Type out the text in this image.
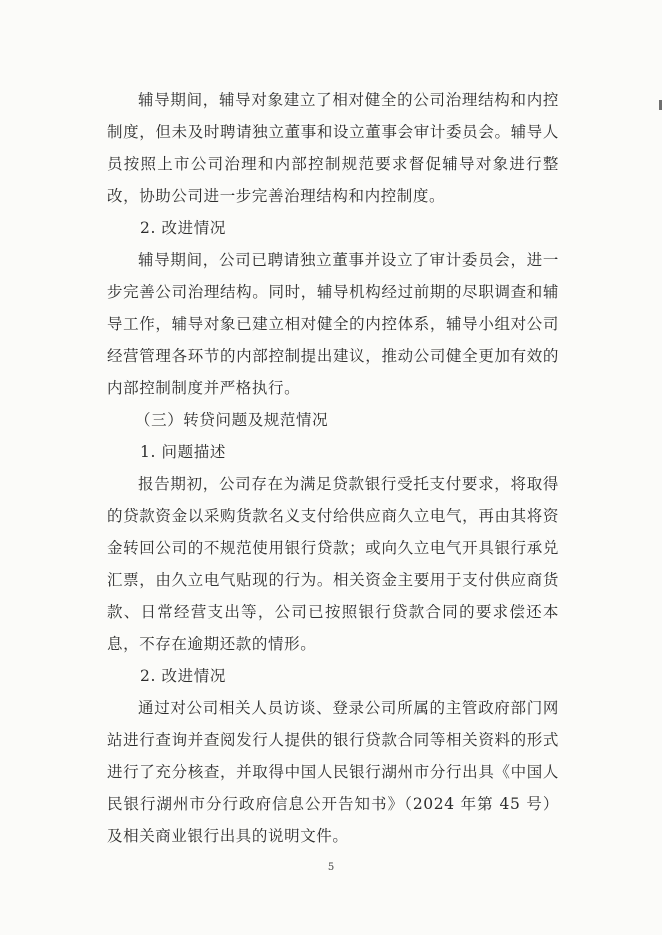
辅导期间，辅导对象建立了相对健全的公司治理结构和内控制度，但未及时聘请独立董事和设立董事会审计委员会。辅导人员按照上市公司治理和内部控制规范要求督促辅导对象进行整改，协助公司进一步完善治理结构和内控制度。

2. 改进情况

辅导期间，公司已聘请独立董事并设立了审计委员会，进一步完善公司治理结构。同时，辅导机构经过前期的尽职调查和辅导工作，辅导对象已建立相对健全的内控体系，辅导小组对公司经营管理各环节的内部控制提出建议，推动公司健全更加有效的内部控制制度并严格执行。

（三）转贷问题及规范情况

1. 问题描述

报告期初，公司存在为满足贷款银行受托支付要求，将取得的贷款资金以采购货款名义支付给供应商久立电气，再由其将资金转回公司的不规范使用银行贷款；或向久立电气开具银行承兑汇票，由久立电气贴现的行为。相关资金主要用于支付供应商货款、日常经营支出等，公司已按照银行贷款合同的要求偿还本息，不存在逾期还款的情形。

2. 改进情况

通过对公司相关人员访谈、登录公司所属的主管政府部门网站进行查询并查阅发行人提供的银行贷款合同等相关资料的形式进行了充分核查，并取得中国人民银行湖州市分行出具《中国人民银行湖州市分行政府信息公开告知书》（2024 年第 45 号）及相关商业银行出具的说明文件。

5
